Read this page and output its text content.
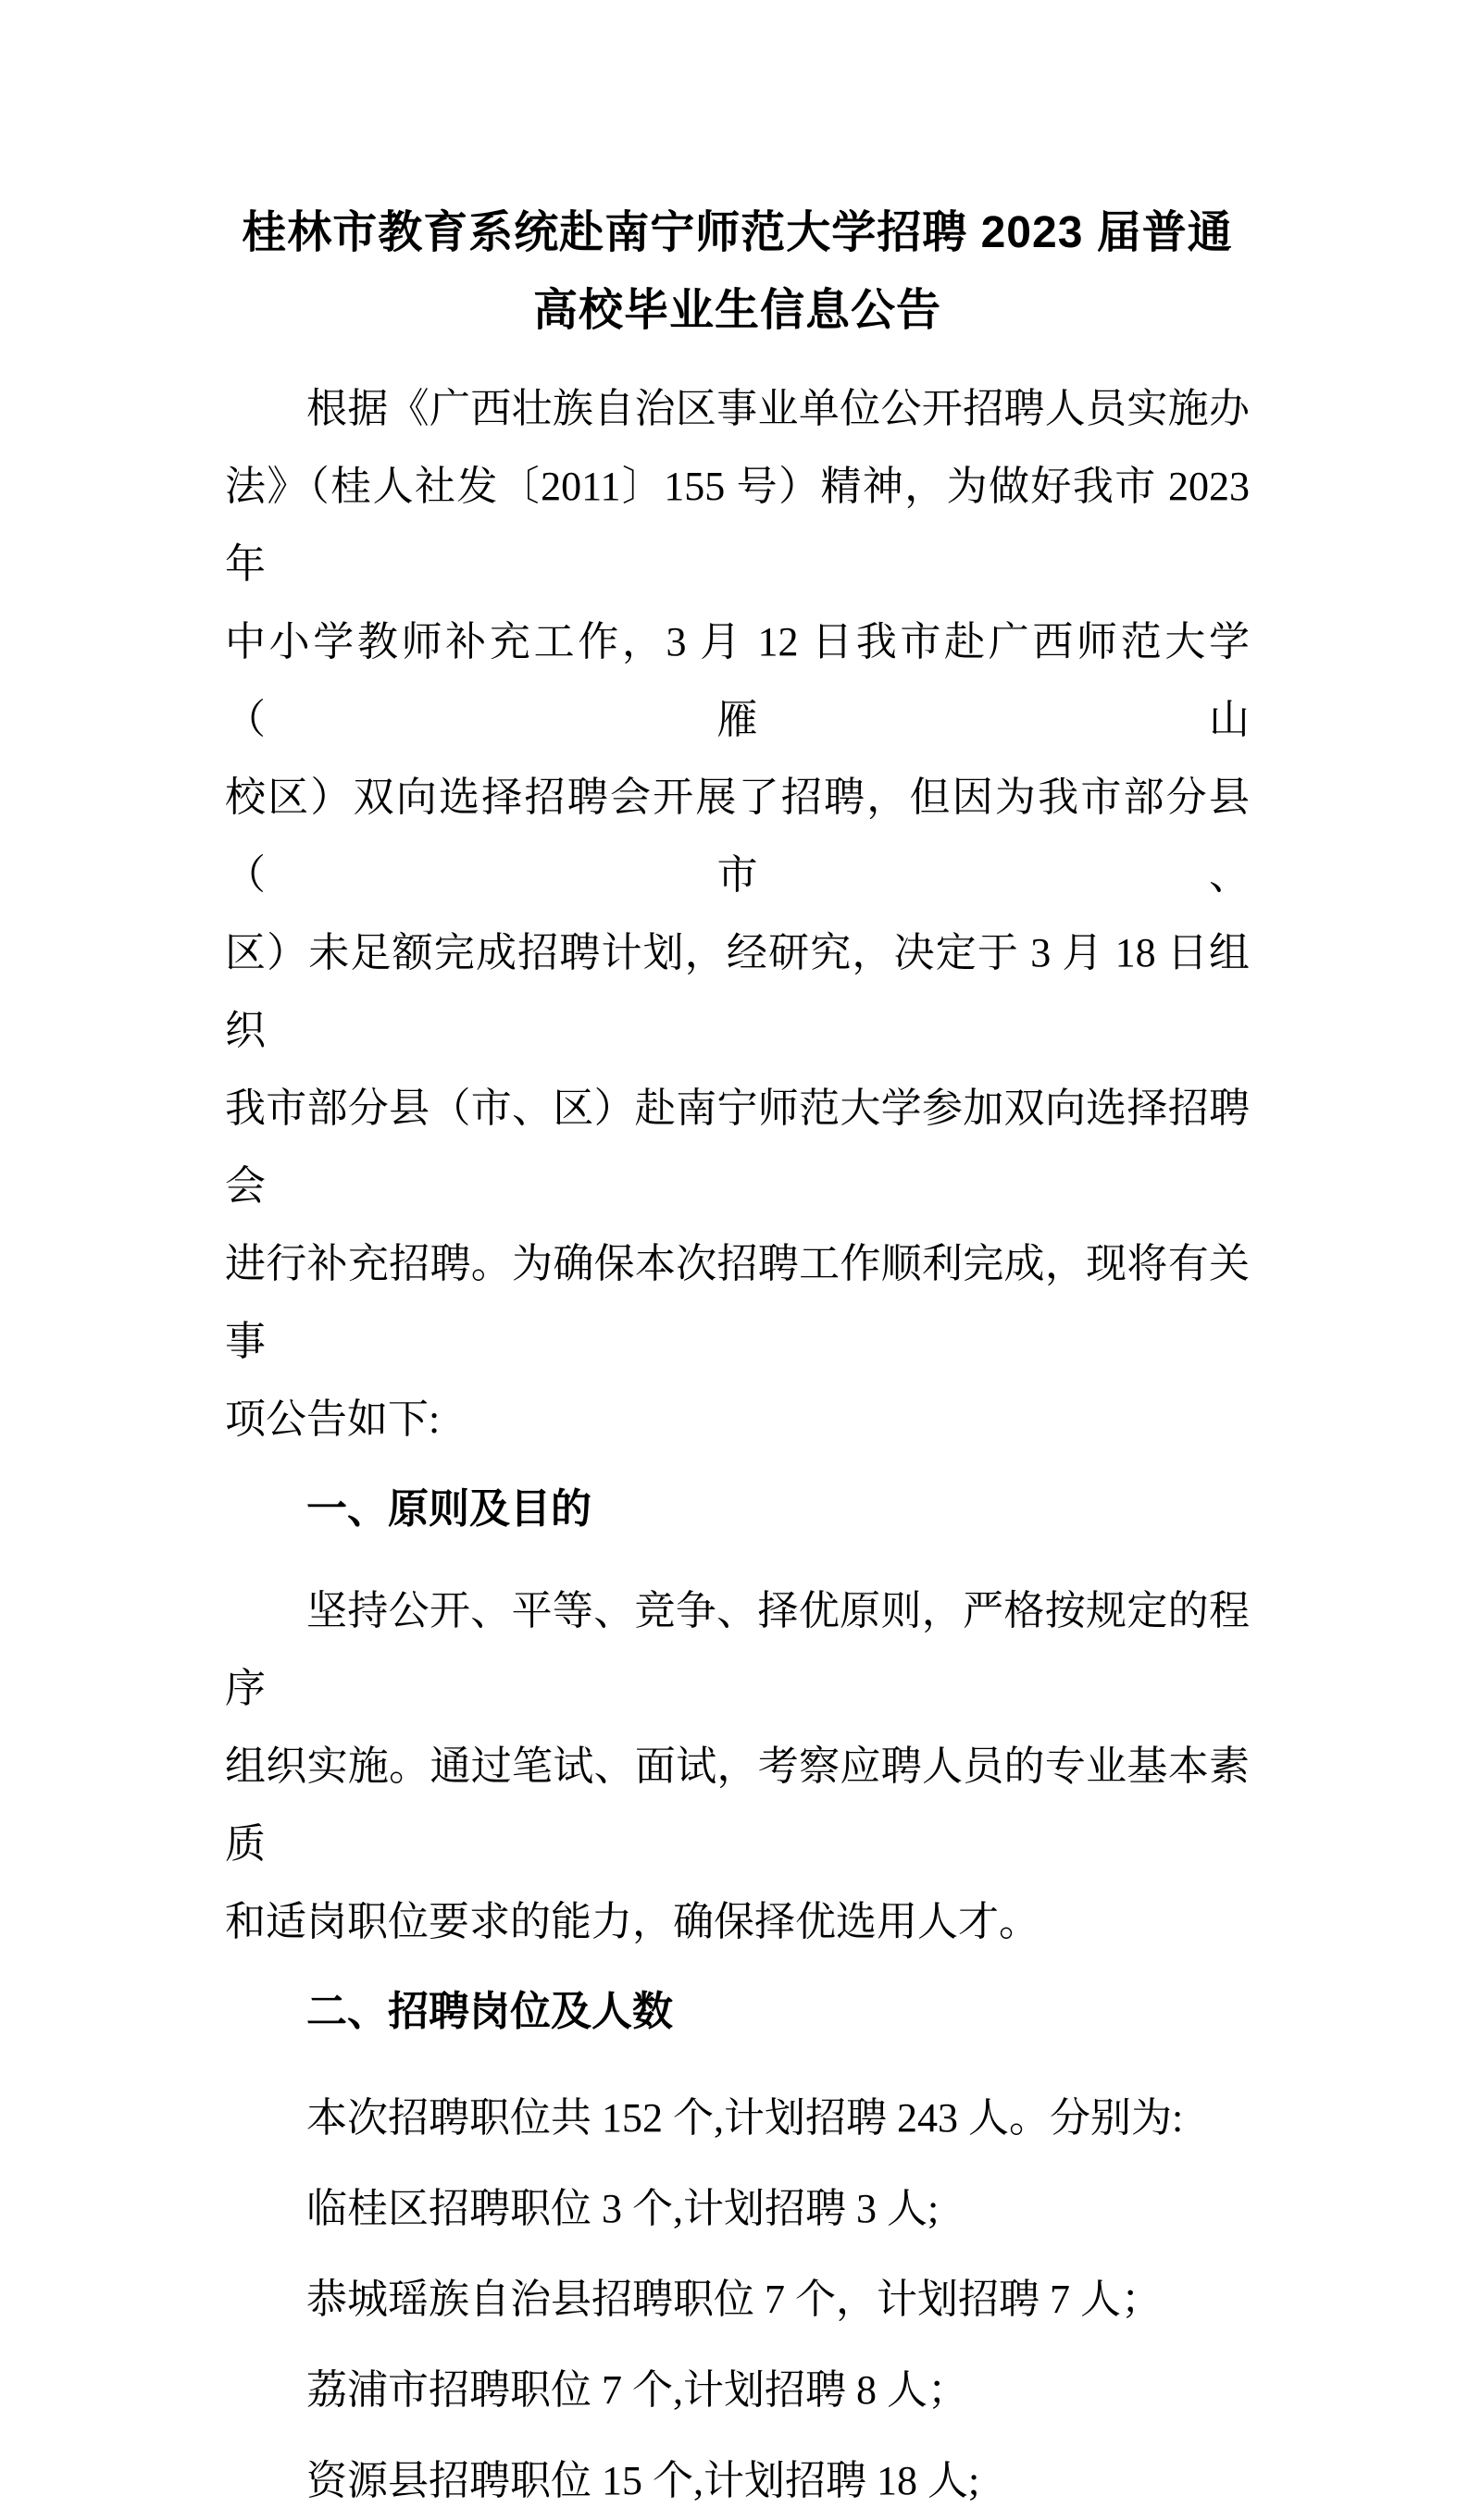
桂林市教育系统赴南宁师范大学招聘 2023 届普通
高校毕业生信息公告
根据《广西壮族自治区事业单位公开招聘人员实施办
法》（桂人社发〔2011〕155 号）精神，为做好我市 2023 年
中小学教师补充工作，3 月 12 日我市赴广西师范大学（雁山
校区）双向选择招聘会开展了招聘，但因为我市部分县（市、
区）未足额完成招聘计划，经研究，决定于 3 月 18 日组织
我市部分县（市、区）赴南宁师范大学参加双向选择招聘会
进行补充招聘。为确保本次招聘工作顺利完成，现将有关事
项公告如下:
一、原则及目的
坚持公开、平等、竞争、择优原则，严格按规定的程序
组织实施。通过笔试、面试，考察应聘人员的专业基本素质
和适岗职位要求的能力，确保择优选用人才。
二、招聘岗位及人数
本次招聘职位共 152 个,计划招聘 243 人。分别为:
临桂区招聘职位 3 个,计划招聘 3 人;
恭城瑶族自治县招聘职位 7 个，计划招聘 7 人；
荔浦市招聘职位 7 个,计划招聘 8 人；
资源县招聘职位 15 个,计划招聘 18 人;
